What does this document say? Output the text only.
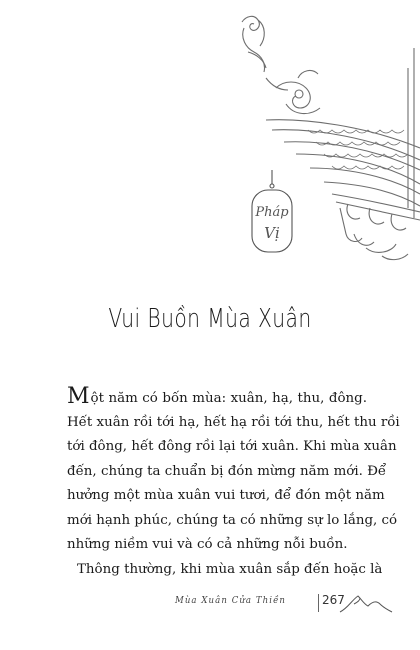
Pháp
Vị
Vui Buồn Mùa Xuân
Một năm có bốn mùa: xuân, hạ, thu, đông.
Hết xuân rồi tới hạ, hết hạ rồi tới thu, hết thu rồi
tới đông, hết đông rồi lại tới xuân. Khi mùa xuân
đến, chúng ta chuẩn bị đón mừng năm mới. Để
hưởng một mùa xuân vui tươi, để đón một năm
mới hạnh phúc, chúng ta có những sự lo lắng, có
những niềm vui và có cả những nỗi buồn.
Thông thường, khi mùa xuân sắp đến hoặc là
Mùa Xuân Cửa Thiền	267
